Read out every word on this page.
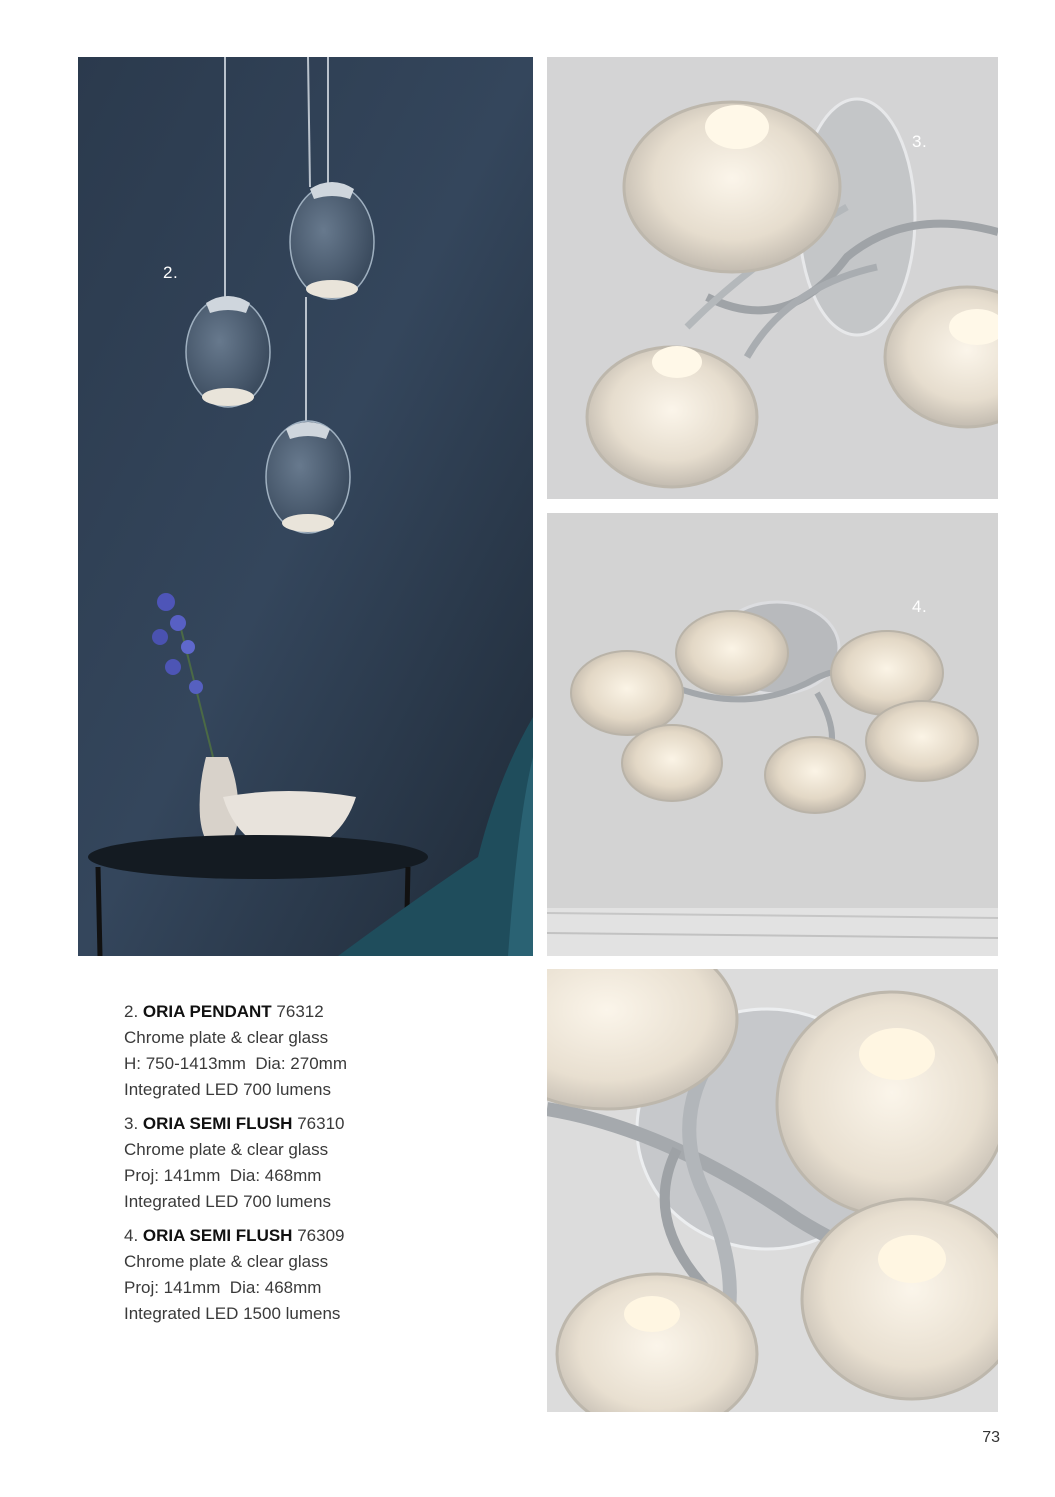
2.
3.
4.
2. ORIA PENDANT 76312
Chrome plate & clear glass
H: 750-1413mm  Dia: 270mm
Integrated LED 700 lumens
3. ORIA SEMI FLUSH 76310
Chrome plate & clear glass
Proj: 141mm  Dia: 468mm
Integrated LED 700 lumens
4. ORIA SEMI FLUSH 76309
Chrome plate & clear glass
Proj: 141mm  Dia: 468mm
Integrated LED 1500 lumens
73
